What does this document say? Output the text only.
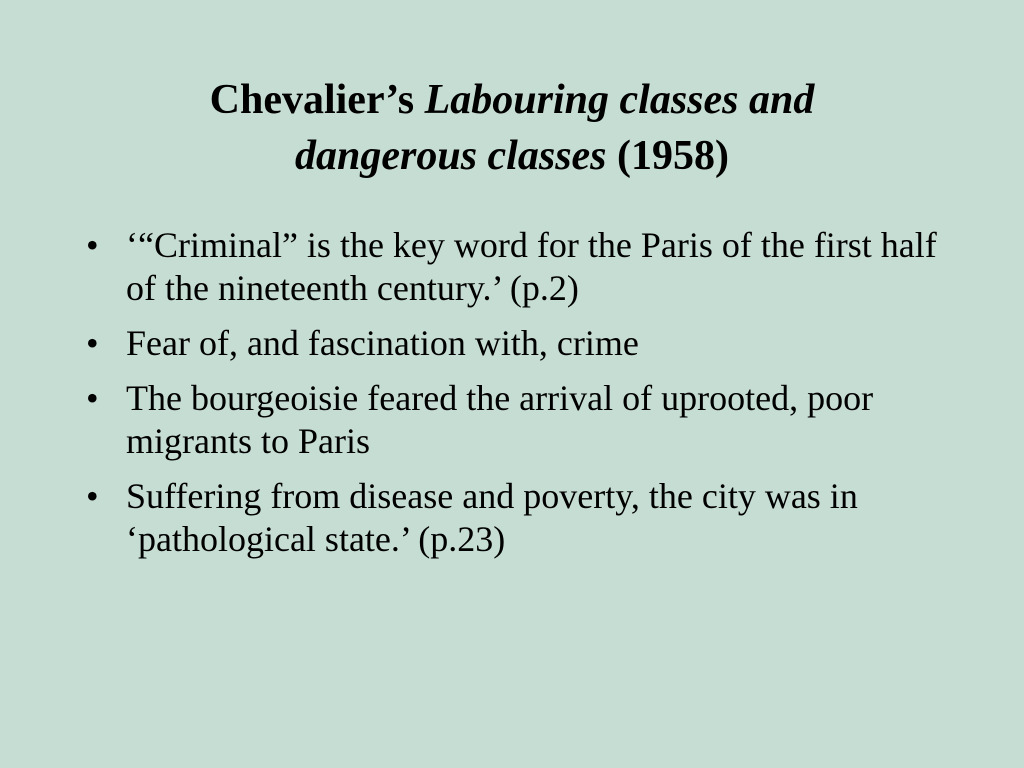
Chevalier’s Labouring classes and
dangerous classes (1958)
• ‘“Criminal” is the key word for the Paris of the first half of the nineteenth century.’ (p.2)
• Fear of, and fascination with, crime
• The bourgeoisie feared the arrival of uprooted, poor migrants to Paris
• Suffering from disease and poverty, the city was in ‘pathological state.’ (p.23)
